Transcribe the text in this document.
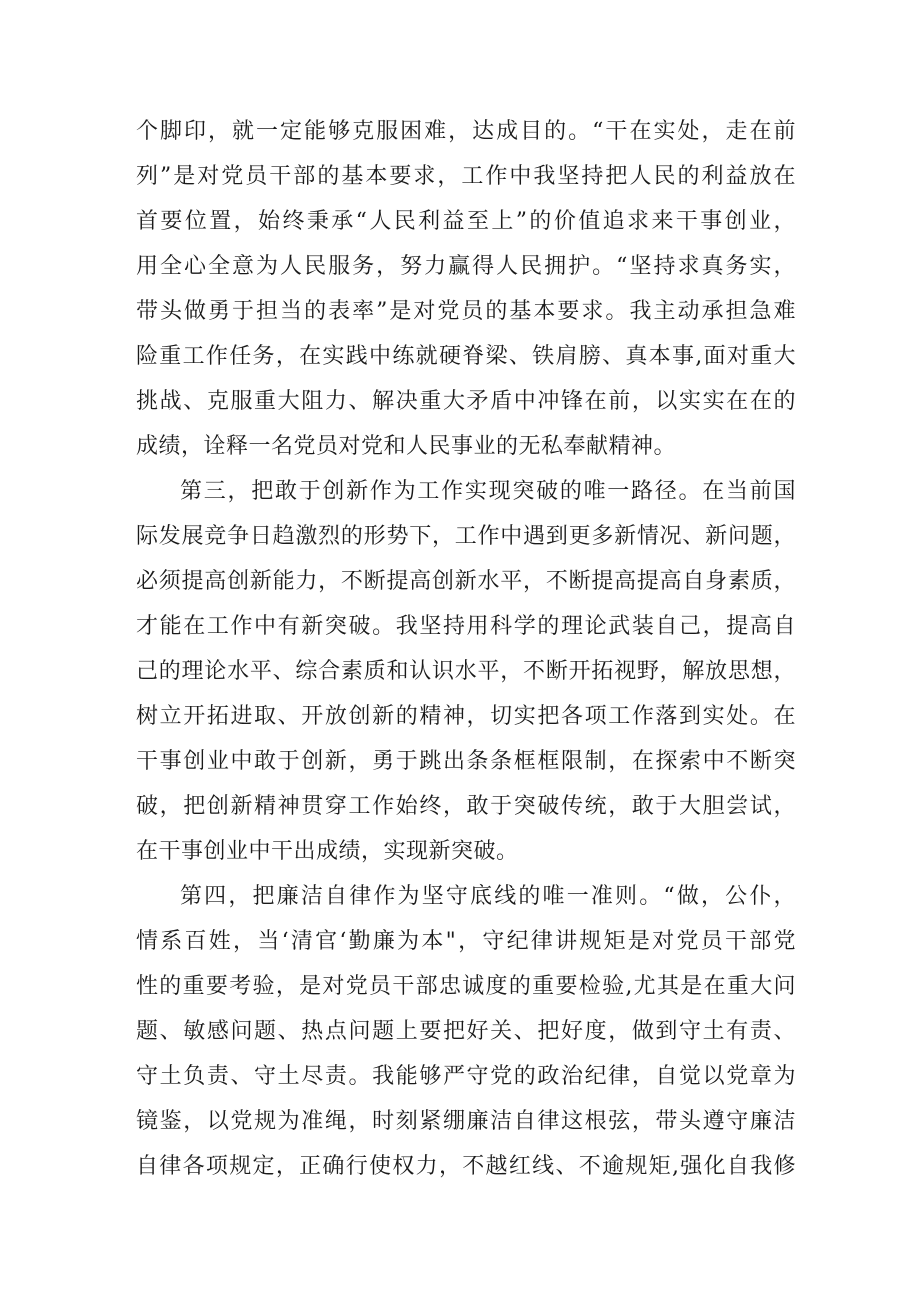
个脚印，就一定能够克服困难，达成目的。“干在实处，走在前
列”是对党员干部的基本要求，工作中我坚持把人民的利益放在
首要位置，始终秉承“人民利益至上”的价值追求来干事创业，
用全心全意为人民服务，努力赢得人民拥护。“坚持求真务实，
带头做勇于担当的表率”是对党员的基本要求。我主动承担急难
险重工作任务，在实践中练就硬脊梁、铁肩膀、真本事,面对重大
挑战、克服重大阻力、解决重大矛盾中冲锋在前，以实实在在的
成绩，诠释一名党员对党和人民事业的无私奉献精神。
第三，把敢于创新作为工作实现突破的唯一路径。在当前国
际发展竞争日趋激烈的形势下，工作中遇到更多新情况、新问题，
必须提高创新能力，不断提高创新水平，不断提高提高自身素质，
才能在工作中有新突破。我坚持用科学的理论武装自己，提高自
己的理论水平、综合素质和认识水平，不断开拓视野，解放思想，
树立开拓进取、开放创新的精神，切实把各项工作落到实处。在
干事创业中敢于创新，勇于跳出条条框框限制，在探索中不断突
破，把创新精神贯穿工作始终，敢于突破传统，敢于大胆尝试，
在干事创业中干出成绩，实现新突破。
第四，把廉洁自律作为坚守底线的唯一准则。“做，公仆，
情系百姓，当‘清官‘勤廉为本"，守纪律讲规矩是对党员干部党
性的重要考验，是对党员干部忠诚度的重要检验,尤其是在重大问
题、敏感问题、热点问题上要把好关、把好度，做到守土有责、
守土负责、守土尽责。我能够严守党的政治纪律，自觉以党章为
镜鉴，以党规为准绳，时刻紧绷廉洁自律这根弦，带头遵守廉洁
自律各项规定，正确行使权力，不越红线、不逾规矩,强化自我修
